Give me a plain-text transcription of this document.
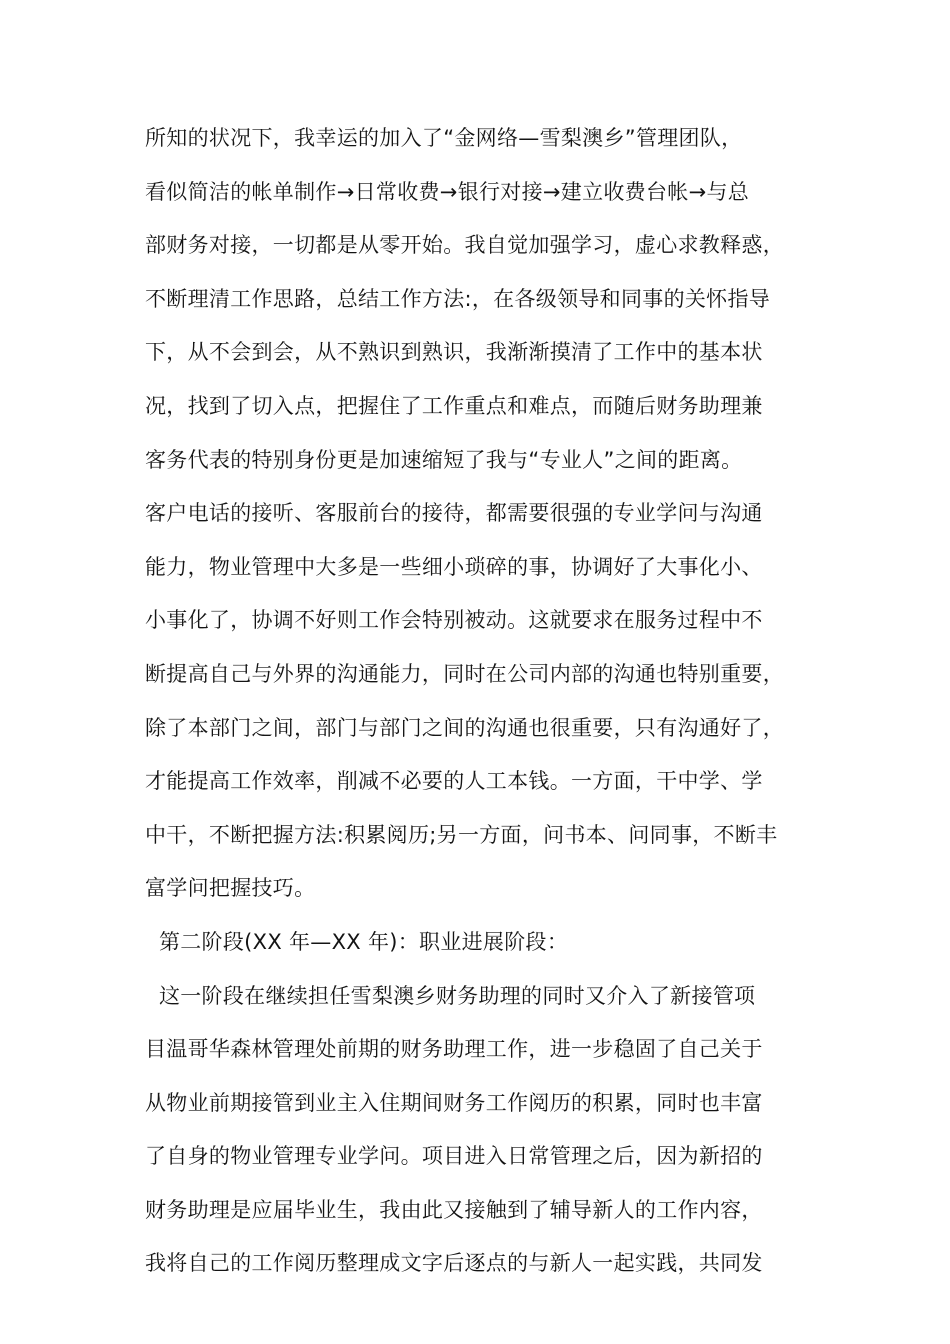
所知的状况下，我幸运的加入了“金网络—雪梨澳乡”管理团队，
看似简洁的帐单制作→日常收费→银行对接→建立收费台帐→与总
部财务对接，一切都是从零开始。我自觉加强学习，虚心求教释惑，
不断理清工作思路，总结工作方法:，在各级领导和同事的关怀指导
下，从不会到会，从不熟识到熟识，我渐渐摸清了工作中的基本状
况，找到了切入点，把握住了工作重点和难点，而随后财务助理兼
客务代表的特别身份更是加速缩短了我与“专业人”之间的距离。
客户电话的接听、客服前台的接待，都需要很强的专业学问与沟通
能力，物业管理中大多是一些细小琐碎的事，协调好了大事化小、
小事化了，协调不好则工作会特别被动。这就要求在服务过程中不
断提高自己与外界的沟通能力，同时在公司内部的沟通也特别重要，
除了本部门之间，部门与部门之间的沟通也很重要，只有沟通好了，
才能提高工作效率，削减不必要的人工本钱。一方面，干中学、学
中干，不断把握方法:积累阅历;另一方面，问书本、问同事，不断丰
富学问把握技巧。
第二阶段(XX 年—XX 年)：职业进展阶段：
这一阶段在继续担任雪梨澳乡财务助理的同时又介入了新接管项
目温哥华森林管理处前期的财务助理工作，进一步稳固了自己关于
从物业前期接管到业主入住期间财务工作阅历的积累，同时也丰富
了自身的物业管理专业学问。项目进入日常管理之后，因为新招的
财务助理是应届毕业生，我由此又接触到了辅导新人的工作内容，
我将自己的工作阅历整理成文字后逐点的与新人一起实践，共同发
